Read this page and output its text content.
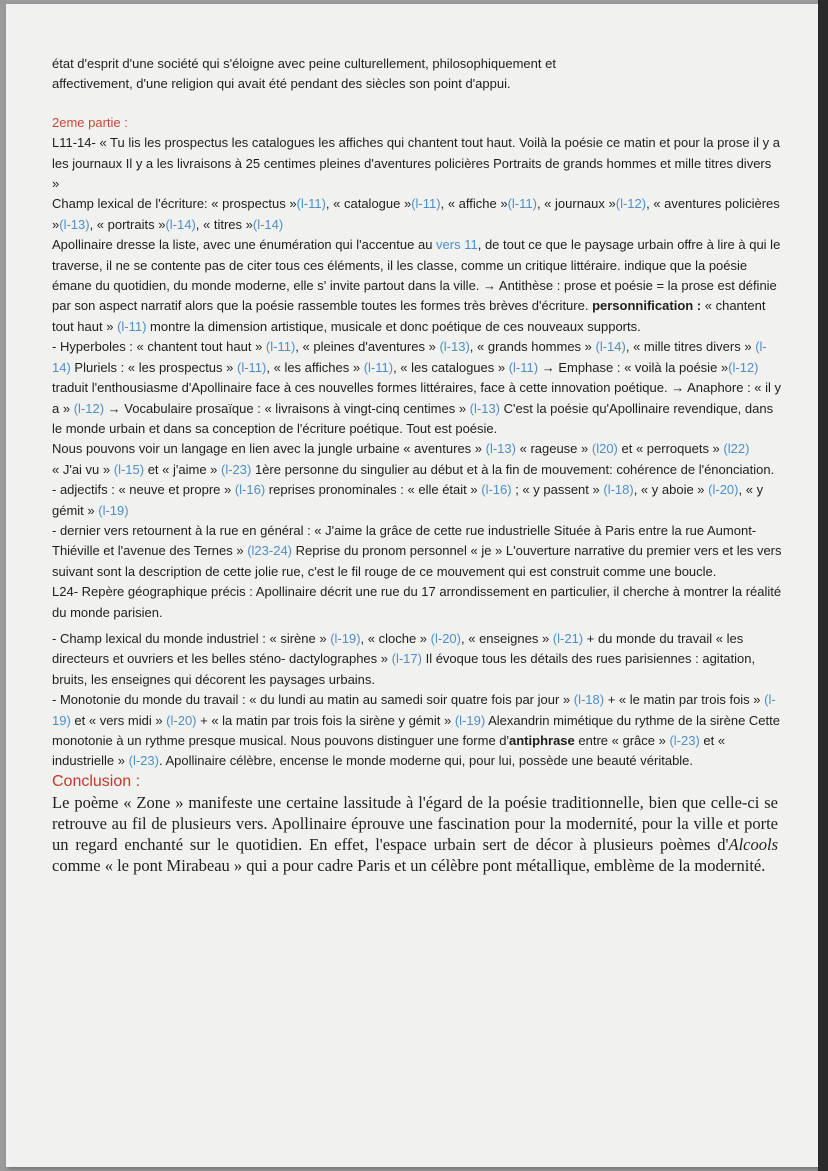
état d'esprit d'une société qui s'éloigne avec peine culturellement, philosophiquement et
affectivement, d'une religion qui avait été pendant des siècles son point d'appui.

2eme partie :

L11-14- « Tu lis les prospectus les catalogues les affiches qui chantent tout haut. Voilà la poésie ce matin et pour la prose il y a les journaux Il y a les livraisons à 25 centimes pleines d'aventures policières Portraits de grands hommes et mille titres divers »

Champ lexical de l'écriture: « prospectus »(l-11), « catalogue »(l-11), « affiche »(l-11), « journaux »(l-12), « aventures policières »(l-13), « portraits »(l-14), « titres »(l-14)

Apollinaire dresse la liste, avec une énumération qui l'accentue au vers 11, de tout ce que le paysage urbain offre à lire à qui le traverse, il ne se contente pas de citer tous ces éléments, il les classe, comme un critique littéraire. indique que la poésie émane du quotidien, du monde moderne, elle s' invite partout dans la ville. → Antithèse : prose et poésie = la prose est définie par son aspect narratif alors que la poésie rassemble toutes les formes très brèves d'écriture. personnification : « chantent tout haut » (l-11) montre la dimension artistique, musicale et donc poétique de ces nouveaux supports.

- Hyperboles : « chantent tout haut » (l-11), « pleines d'aventures » (l-13), « grands hommes » (l-14), « mille titres divers » (l-14) Pluriels : « les prospectus » (l-11), « les affiches » (l-11), « les catalogues » (l-11) → Emphase : « voilà la poésie »(l-12) traduit l'enthousiasme d'Apollinaire face à ces nouvelles formes littéraires, face à cette innovation poétique. → Anaphore : « il y a » (l-12) → Vocabulaire prosaïque : « livraisons à vingt-cinq centimes » (l-13) C'est la poésie qu'Apollinaire revendique, dans le monde urbain et dans sa conception de l'écriture poétique. Tout est poésie.

Nous pouvons voir un langage en lien avec la jungle urbaine « aventures » (l-13) « rageuse » (l20) et « perroquets » (l22)

« J'ai vu » (l-15) et « j'aime » (l-23) 1ère personne du singulier au début et à la fin de mouvement: cohérence de l'énonciation. - adjectifs : « neuve et propre » (l-16) reprises pronominales : « elle était » (l-16) ; « y passent » (l-18), « y aboie » (l-20), « y gémit » (l-19)

- dernier vers retournent à la rue en général : « J'aime la grâce de cette rue industrielle Située à Paris entre la rue Aumont-Thiéville et l'avenue des Ternes » (l23-24) Reprise du pronom personnel « je » L'ouverture narrative du premier vers et les vers suivant sont la description de cette jolie rue, c'est le fil rouge de ce mouvement qui est construit comme une boucle.

L24- Repère géographique précis : Apollinaire décrit une rue du 17 arrondissement en particulier, il cherche à montrer la réalité du monde parisien.

- Champ lexical du monde industriel : « sirène » (l-19), « cloche » (l-20), « enseignes » (l-21) + du monde du travail « les directeurs et ouvriers et les belles sténo- dactylographes » (l-17) Il évoque tous les détails des rues parisiennes : agitation, bruits, les enseignes qui décorent les paysages urbains.

- Monotonie du monde du travail : « du lundi au matin au samedi soir quatre fois par jour » (l-18) + « le matin par trois fois » (l-19) et « vers midi » (l-20) + « la matin par trois fois la sirène y gémit » (l-19) Alexandrin mimétique du rythme de la sirène Cette monotonie à un rythme presque musical. Nous pouvons distinguer une forme d'antiphrase entre « grâce » (l-23) et « industrielle » (l-23). Apollinaire célèbre, encense le monde moderne qui, pour lui, possède une beauté véritable.

Conclusion :

Le poème « Zone » manifeste une certaine lassitude à l'égard de la poésie traditionnelle, bien que celle-ci se retrouve au fil de plusieurs vers. Apollinaire éprouve une fascination pour la modernité, pour la ville et porte un regard enchanté sur le quotidien. En effet, l'espace urbain sert de décor à plusieurs poèmes d'Alcools comme « le pont Mirabeau » qui a pour cadre Paris et un célèbre pont métallique, emblème de la modernité.
